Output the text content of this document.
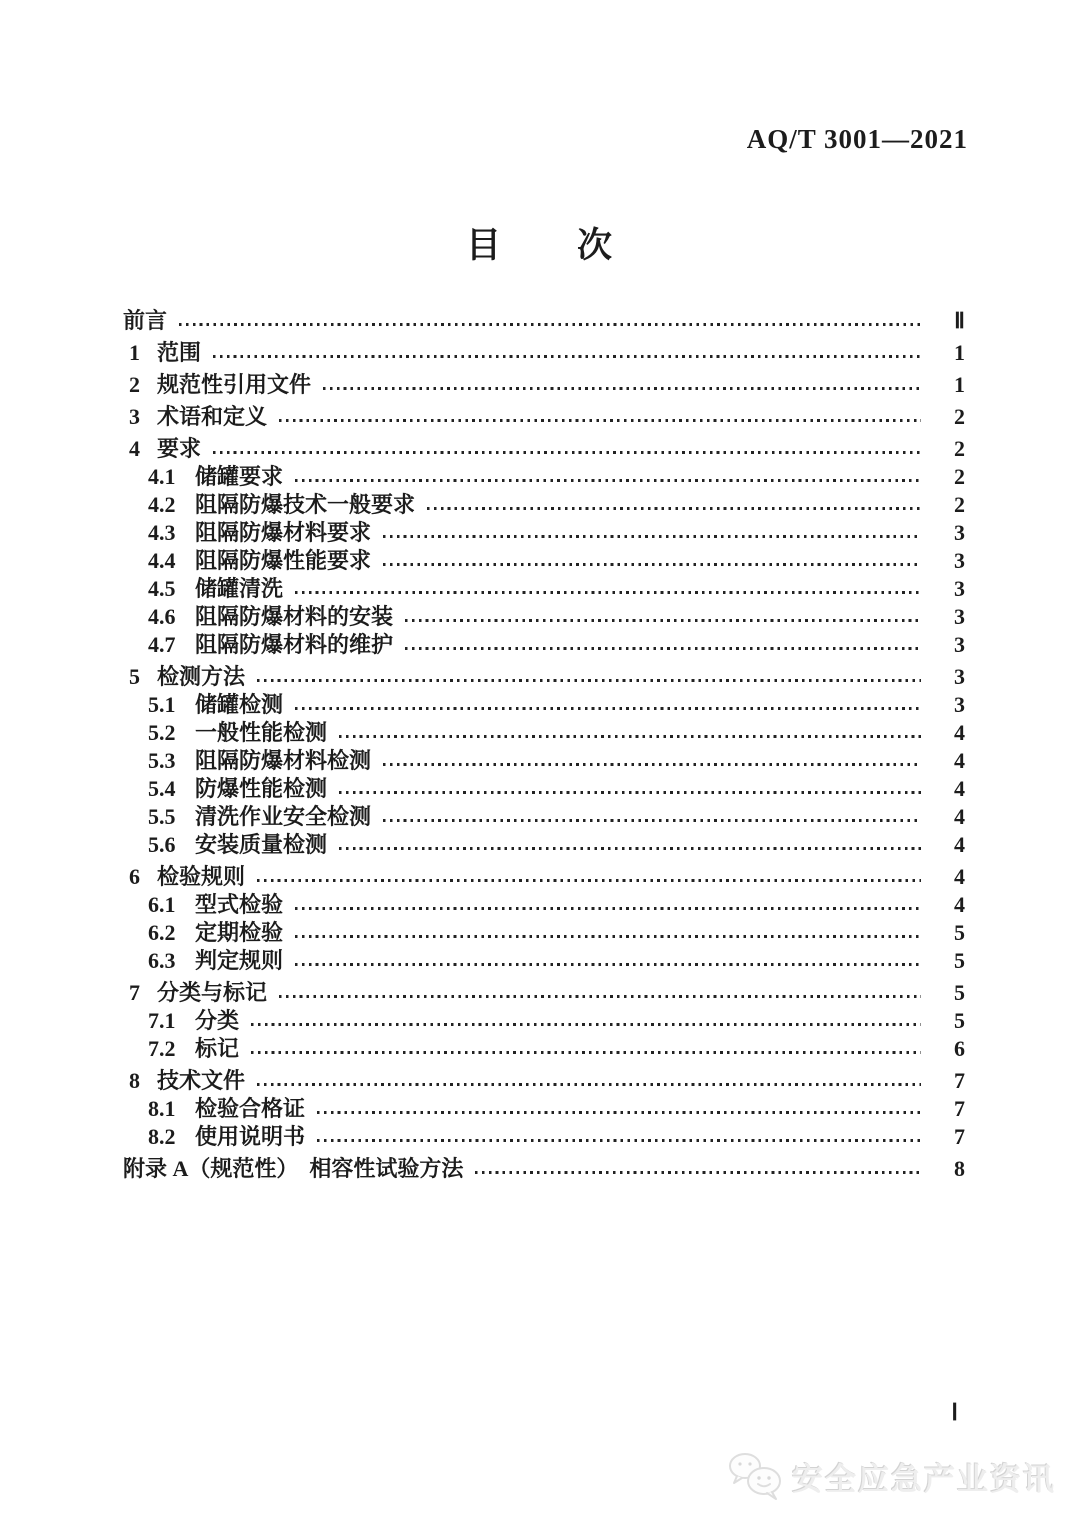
AQ/T 3001—2021
目　　次
前言	Ⅱ
1 范围	1
2 规范性引用文件	1
3 术语和定义	2
4 要求	2
4.1 储罐要求	2
4.2 阻隔防爆技术一般要求	2
4.3 阻隔防爆材料要求	3
4.4 阻隔防爆性能要求	3
4.5 储罐清洗	3
4.6 阻隔防爆材料的安装	3
4.7 阻隔防爆材料的维护	3
5 检测方法	3
5.1 储罐检测	3
5.2 一般性能检测	4
5.3 阻隔防爆材料检测	4
5.4 防爆性能检测	4
5.5 清洗作业安全检测	4
5.6 安装质量检测	4
6 检验规则	4
6.1 型式检验	4
6.2 定期检验	5
6.3 判定规则	5
7 分类与标记	5
7.1 分类	5
7.2 标记	6
8 技术文件	7
8.1 检验合格证	7
8.2 使用说明书	7
附录 A（规范性）　相容性试验方法	8
Ⅰ
安全应急产业资讯
